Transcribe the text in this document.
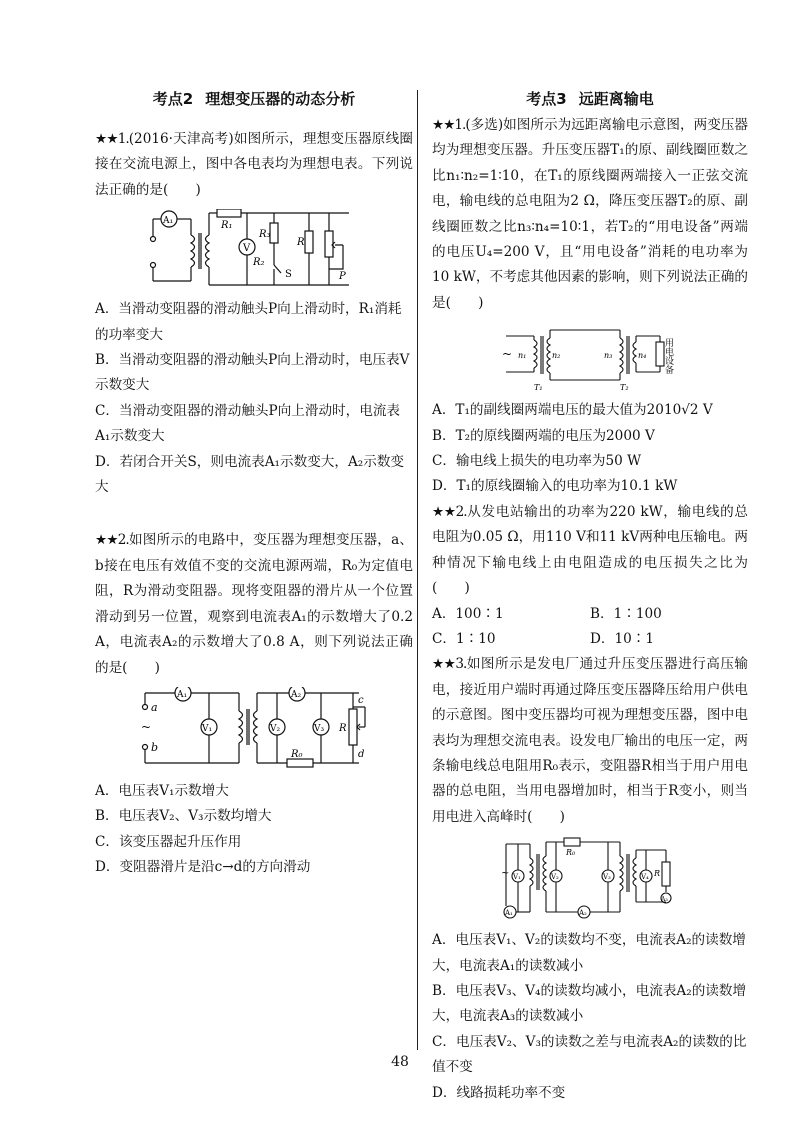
考点2 理想变压器的动态分析
★★1.(2016·天津高考)如图所示，理想变压器原线圈接在交流电源上，图中各电表均为理想电表。下列说法正确的是(　　)
A₁	R₁
V
R₂
R₃
R
S	P
A．当滑动变阻器的滑动触头P向上滑动时，R₁消耗的功率变大
B．当滑动变阻器的滑动触头P向上滑动时，电压表V示数变大
C．当滑动变阻器的滑动触头P向上滑动时，电流表A₁示数变大
D．若闭合开关S，则电流表A₁示数变大，A₂示数变大
★★2.如图所示的电路中，变压器为理想变压器，a、b接在电压有效值不变的交流电源两端，R₀为定值电阻，R为滑动变阻器。现将变阻器的滑片从一个位置滑动到另一位置，观察到电流表A₁的示数增大了0.2 A，电流表A₂的示数增大了0.8 A，则下列说法正确的是(　　)
A₁	A₂
V₁	V₂	V₃
a
~
b
R₀
R
c
d
A．电压表V₁示数增大
B．电压表V₂、V₃示数均增大
C．该变压器起升压作用
D．变阻器滑片是沿c→d的方向滑动
考点3 远距离输电
★★1.(多选)如图所示为远距离输电示意图，两变压器均为理想变压器。升压变压器T₁的原、副线圈匝数之比n₁∶n₂=1∶10，在T₁的原线圈两端接入一正弦交流电，输电线的总电阻为2 Ω，降压变压器T₂的原、副线圈匝数之比n₃∶n₄=10∶1，若T₂的“用电设备”两端的电压U₄=200 V，且“用电设备”消耗的电功率为10 kW，不考虑其他因素的影响，则下列说法正确的是(　　)
~ n₁	n₂	n₃	n₄
T₁	T₂
用电设备
A．T₁的副线圈两端电压的最大值为2010√2 V
B．T₂的原线圈两端的电压为2000 V
C．输电线上损失的电功率为50 W
D．T₁的原线圈输入的电功率为10.1 kW
★★2.从发电站输出的功率为220 kW，输电线的总电阻为0.05 Ω，用110 V和11 kV两种电压输电。两种情况下输电线上由电阻造成的电压损失之比为(　　)
A．100∶1	B．1∶100
C．1∶10	D．10∶1
★★3.如图所示是发电厂通过升压变压器进行高压输电，接近用户端时再通过降压变压器降压给用户供电的示意图。图中变压器均可视为理想变压器，图中电表均为理想交流电表。设发电厂输出的电压一定，两条输电线总电阻用R₀表示，变阻器R相当于用户用电器的总电阻，当用电器增加时，相当于R变小，则当用电进入高峰时(　　)
~ V₁	V₂	V₃	V₄
A₁	A₂
A₃
R₀
R
A．电压表V₁、V₂的读数均不变，电流表A₂的读数增大，电流表A₁的读数减小
B．电压表V₃、V₄的读数均减小，电流表A₂的读数增大，电流表A₃的读数减小
C．电压表V₂、V₃的读数之差与电流表A₂的读数的比值不变
D．线路损耗功率不变
48
